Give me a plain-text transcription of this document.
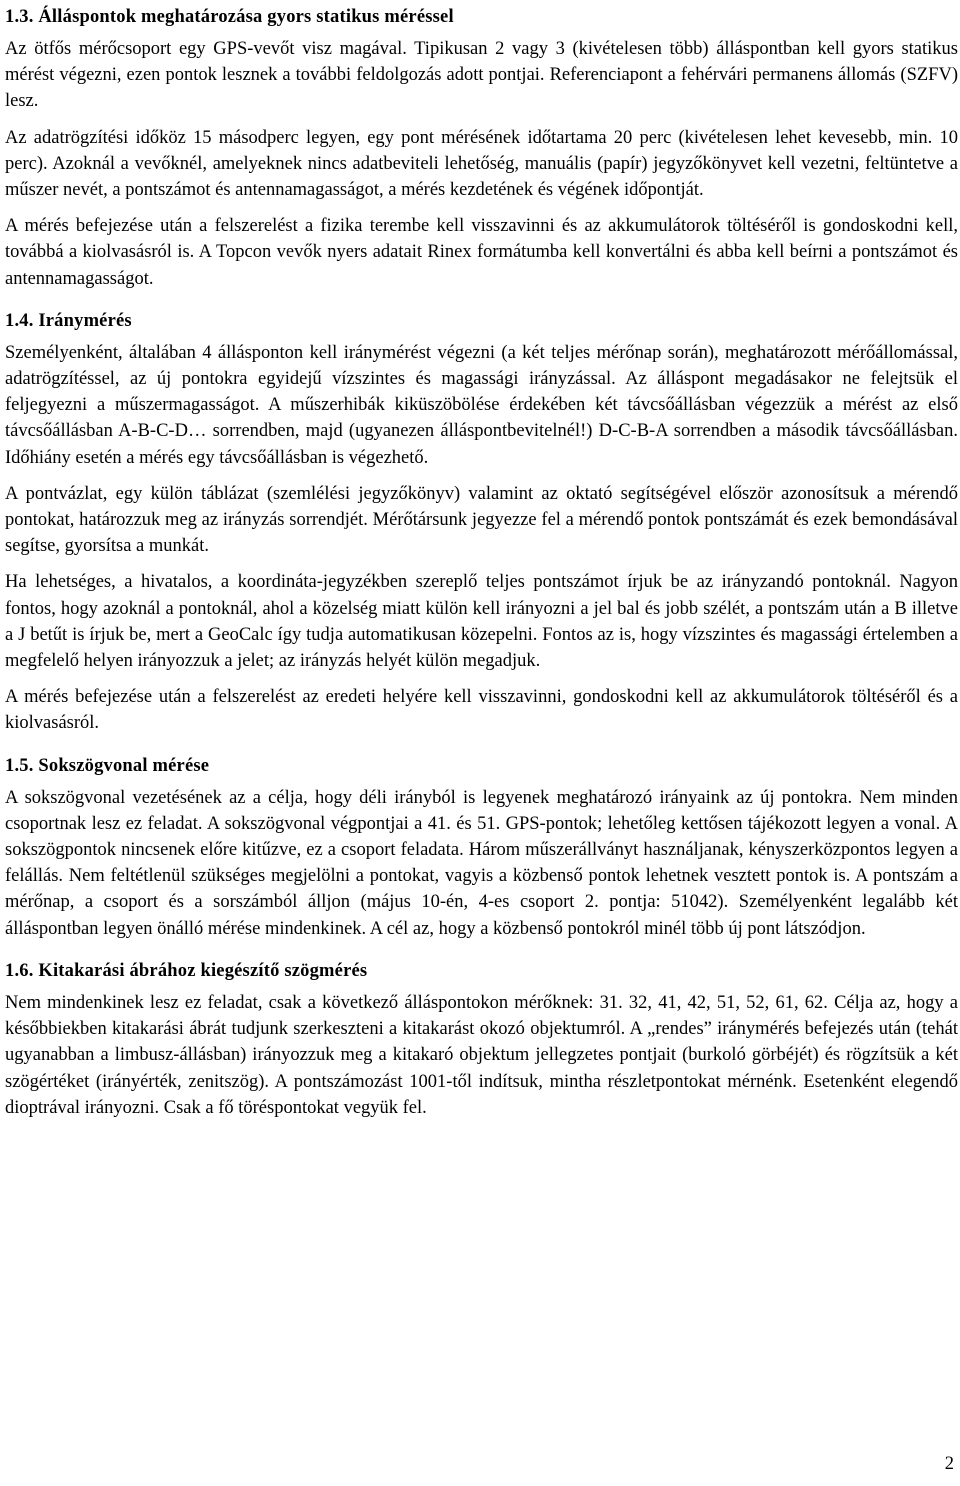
1.3. Álláspontok meghatározása gyors statikus méréssel

Az ötfős mérőcsoport egy GPS-vevőt visz magával. Tipikusan 2 vagy 3 (kivételesen több) álláspontban kell gyors statikus mérést végezni, ezen pontok lesznek a további feldolgozás adott pontjai. Referenciapont a fehérvári permanens állomás (SZFV) lesz.

Az adatrögzítési időköz 15 másodperc legyen, egy pont mérésének időtartama 20 perc (kivételesen lehet kevesebb, min. 10 perc). Azoknál a vevőknél, amelyeknek nincs adatbeviteli lehetőség, manuális (papír) jegyzőkönyvet kell vezetni, feltüntetve a műszer nevét, a pontszámot és antennamagasságot, a mérés kezdetének és végének időpontját.

A mérés befejezése után a felszerelést a fizika terembe kell visszavinni és az akkumulátorok töltéséről is gondoskodni kell, továbbá a kiolvasásról is. A Topcon vevők nyers adatait Rinex formátumba kell konvertálni és abba kell beírni a pontszámot és antennamagasságot.

1.4. Iránymérés

Személyenként, általában 4 állásponton kell iránymérést végezni (a két teljes mérőnap során), meghatározott mérőállomással, adatrögzítéssel, az új pontokra egyidejű vízszintes és magassági irányzással. Az álláspont megadásakor ne felejtsük el feljegyezni a műszermagasságot. A műszerhibák kiküszöbölése érdekében két távcsőállásban végezzük a mérést az első távcsőállásban A-B-C-D… sorrendben, majd (ugyanezen álláspontbevitelnél!) D-C-B-A sorrendben a második távcsőállásban. Időhiány esetén a mérés egy távcsőállásban is végezhető.

A pontvázlat, egy külön táblázat (szemlélési jegyzőkönyv) valamint az oktató segítségével először azonosítsuk a mérendő pontokat, határozzuk meg az irányzás sorrendjét. Mérőtársunk jegyezze fel a mérendő pontok pontszámát és ezek bemondásával segítse, gyorsítsa a munkát.

Ha lehetséges, a hivatalos, a koordináta-jegyzékben szereplő teljes pontszámot írjuk be az irányzandó pontoknál. Nagyon fontos, hogy azoknál a pontoknál, ahol a közelség miatt külön kell irányozni a jel bal és jobb szélét, a pontszám után a B illetve a J betűt is írjuk be, mert a GeoCalc így tudja automatikusan közepelni. Fontos az is, hogy vízszintes és magassági értelemben a megfelelő helyen irányozzuk a jelet; az irányzás helyét külön megadjuk.

A mérés befejezése után a felszerelést az eredeti helyére kell visszavinni, gondoskodni kell az akkumulátorok töltéséről és a kiolvasásról.

1.5. Sokszögvonal mérése

A sokszögvonal vezetésének az a célja, hogy déli irányból is legyenek meghatározó irányaink az új pontokra. Nem minden csoportnak lesz ez feladat. A sokszögvonal végpontjai a 41. és 51. GPS-pontok; lehetőleg kettősen tájékozott legyen a vonal. A sokszögpontok nincsenek előre kitűzve, ez a csoport feladata. Három műszerállványt használjanak, kényszerközpontos legyen a felállás. Nem feltétlenül szükséges megjelölni a pontokat, vagyis a közbenső pontok lehetnek vesztett pontok is. A pontszám a mérőnap, a csoport és a sorszámból álljon (május 10-én, 4-es csoport 2. pontja: 51042). Személyenként legalább két álláspontban legyen önálló mérése mindenkinek. A cél az, hogy a közbenső pontokról minél több új pont látszódjon.

1.6. Kitakarási ábrához kiegészítő szögmérés

Nem mindenkinek lesz ez feladat, csak a következő álláspontokon mérőknek: 31. 32, 41, 42, 51, 52, 61, 62. Célja az, hogy a későbbiekben kitakarási ábrát tudjunk szerkeszteni a kitakarást okozó objektumról. A „rendes” iránymérés befejezés után (tehát ugyanabban a limbusz-állásban) irányozzuk meg a kitakaró objektum jellegzetes pontjait (burkoló görbéjét) és rögzítsük a két szögértéket (irányérték, zenitszög). A pontszámozást 1001-től indítsuk, mintha részletpontokat mérnénk. Esetenként elegendő dioptrával irányozni. Csak a fő töréspontokat vegyük fel.

2
